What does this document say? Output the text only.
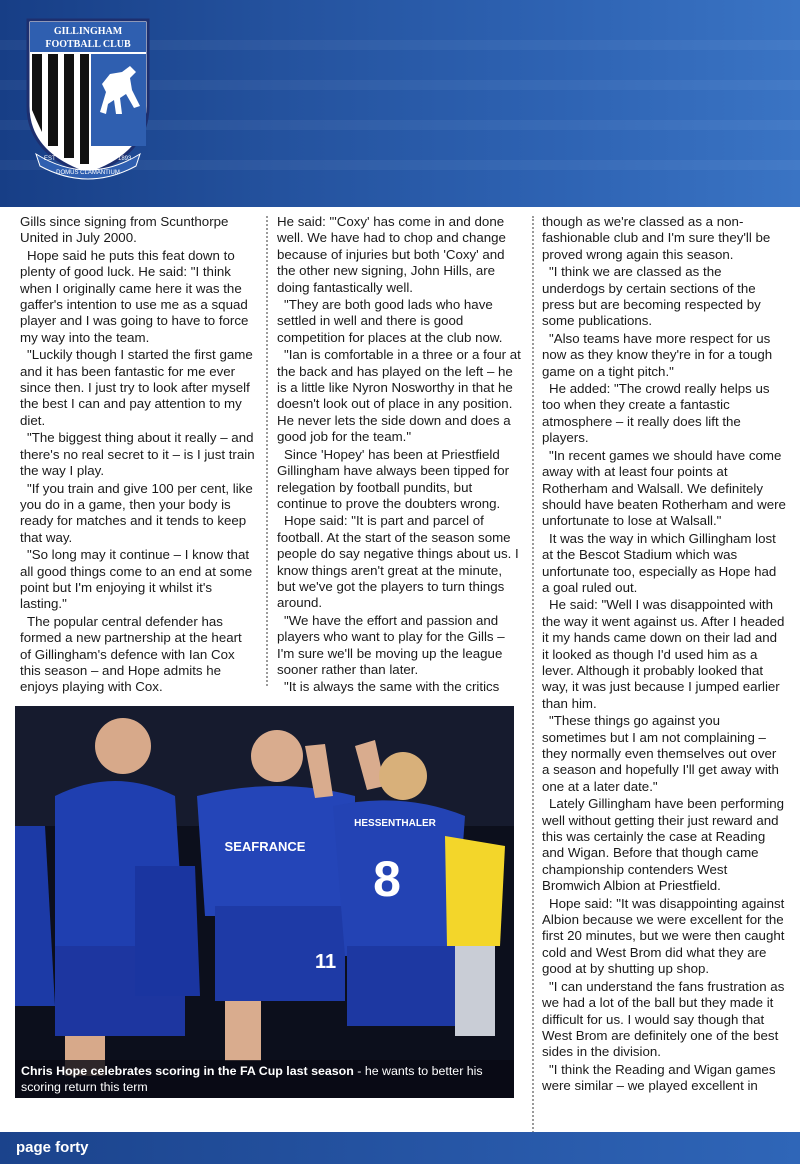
GILLINGHAM
FOOTBALL CLUB
EST	1893
DOMUS CLAMANTIUM

Gills since signing from Scunthorpe United in July 2000.

Hope said he puts this feat down to plenty of good luck. He said: "I think when I originally came here it was the gaffer's intention to use me as a squad player and I was going to have to force my way into the team.

"Luckily though I started the first game and it has been fantastic for me ever since then. I just try to look after myself the best I can and pay attention to my diet.

"The biggest thing about it really – and there's no real secret to it – is I just train the way I play.

"If you train and give 100 per cent, like you do in a game, then your body is ready for matches and it tends to keep that way.

"So long may it continue – I know that all good things come to an end at some point but I'm enjoying it whilst it's lasting."

The popular central defender has formed a new partnership at the heart of Gillingham's defence with Ian Cox this season – and Hope admits he enjoys playing with Cox.

He said: "'Coxy' has come in and done well. We have had to chop and change because of injuries but both 'Coxy' and the other new signing, John Hills, are doing fantastically well.

"They are both good lads who have settled in well and there is good competition for places at the club now.

"Ian is comfortable in a three or a four at the back and has played on the left – he is a little like Nyron Nosworthy in that he doesn't look out of place in any position. He never lets the side down and does a good job for the team."

Since 'Hopey' has been at Priestfield Gillingham have always been tipped for relegation by football pundits, but continue to prove the doubters wrong.

Hope said: "It is part and parcel of football. At the start of the season some people do say negative things about us. I know things aren't great at the minute, but we've got the players to turn things around.

"We have the effort and passion and players who want to play for the Gills – I'm sure we'll be moving up the league sooner rather than later.

"It is always the same with the critics

though as we're classed as a non-fashionable club and I'm sure they'll be proved wrong again this season.

"I think we are classed as the underdogs by certain sections of the press but are becoming respected by some publications.

"Also teams have more respect for us now as they know they're in for a tough game on a tight pitch."

He added: "The crowd really helps us too when they create a fantastic atmosphere – it really does lift the players.

"In recent games we should have come away with at least four points at Rotherham and Walsall. We definitely should have beaten Rotherham and were unfortunate to lose at Walsall."

It was the way in which Gillingham lost at the Bescot Stadium which was unfortunate too, especially as Hope had a goal ruled out.

He said: "Well I was disappointed with the way it went against us. After I headed it my hands came down on their lad and it looked as though I'd used him as a lever. Although it probably looked that way, it was just because I jumped earlier than him.

"These things go against you sometimes but I am not complaining – they normally even themselves out over a season and hopefully I'll get away with one at a later date."

Lately Gillingham have been performing well without getting their just reward and this was certainly the case at Reading and Wigan. Before that though came championship contenders West Bromwich Albion at Priestfield.

Hope said: "It was disappointing against Albion because we were excellent for the first 20 minutes, but we were then caught cold and West Brom did what they are good at by shutting up shop.

"I can understand the fans frustration as we had a lot of the ball but they made it difficult for us. I would say though that West Brom are definitely one of the best sides in the division.

"I think the Reading and Wigan games were similar – we played excellent in

SEAFRANCE
11
HESSENTHALER
8
Chris Hope celebrates scoring in the FA Cup last season - he wants to better his scoring return this term
page forty
